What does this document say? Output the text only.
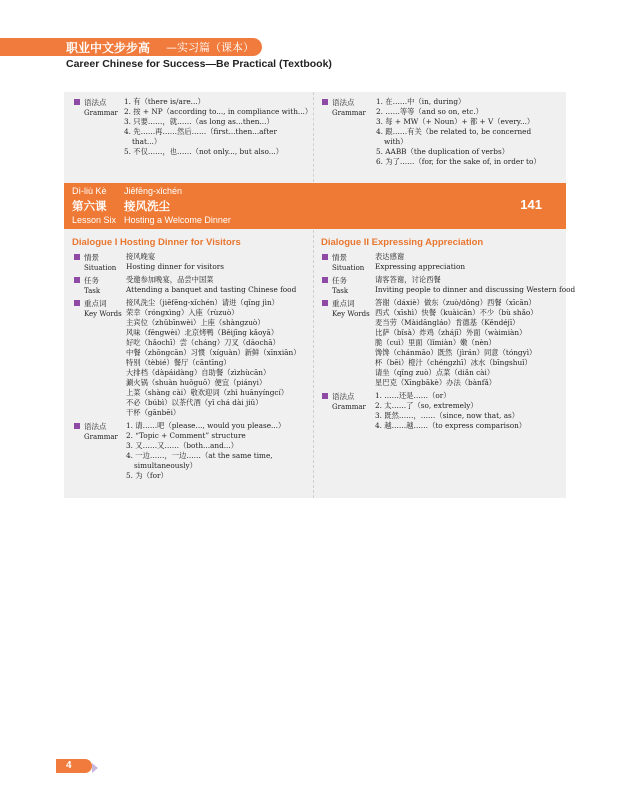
职业中文步步高 —实习篇（课本）
Career Chinese for Success—Be Practical (Textbook)
语法点
Grammar
1. 有（there is/are...）
2. 按 + NP（according to..., in compliance with...）
3. 只要……，就……（as long as...then...）
4. 先……再……然后……（first...then...after
that...）
5. 不仅……，也……（not only..., but also...）
语法点
Grammar
1. 在……中（in, during）
2. ……等等（and so on, etc.）
3. 每 + MW（+ Noun）+ 都 + V（every...）
4. 跟……有关（be related to, be concerned
with）
5. AABB（the duplication of verbs）
6. 为了……（for, for the sake of, in order to）
Dì-liù Kè Jiēfēng-xǐchén
第六课 接风洗尘
Lesson Six Hosting a Welcome Dinner
141
Dialogue I Hosting Dinner for Visitors	Dialogue II Expressing Appreciation
情景
Situation
接风晚宴
Hosting dinner for visitors
任务
Task
受邀参加晚宴，品尝中国菜
Attending a banquet and tasting Chinese food
重点词
Key Words
接风洗尘（jiēfēng-xǐchén）请进（qǐng jìn）
荣幸（róngxìng）入座（rùzuò）
主宾位（zhǔbīnwèi）上座（shàngzuò）
风味（fēngwèi）北京烤鸭（Běijīng kǎoyā）
好吃（hǎochī）尝（cháng）刀叉（dāochā）
中餐（zhōngcān）习惯（xíguàn）新鲜（xīnxiān）
特别（tèbié）餐厅（cāntīng）
大排档（dàpáidàng）自助餐（zìzhùcān）
涮火锅（shuàn huǒguō）便宜（piányi）
上菜（shàng cài）敬欢迎词（zhì huānyíngcí）
不必（búbì）以茶代酒（yǐ chá dài jiǔ）
干杯（gānbēi）
语法点
Grammar
1. 请……吧（please..., would you please...）
2. “Topic + Comment” structure
3. 又……又……（both...and...）
4. 一边……，一边……（at the same time,
simultaneously）
5. 为（for）
情景
Situation
表达感谢
Expressing appreciation
任务
Task
请客答谢，讨论西餐
Inviting people to dinner and discussing Western food
重点词
Key Words
答谢（dáxiè）做东（zuò/dōng）西餐（xīcān）
西式（xīshì）快餐（kuàicān）不少（bù shǎo）
麦当劳（Màidāngláo）肯德基（Kěndéjī）
比萨（bǐsà）炸鸡（zhájī）外面（wàimiàn）
脆（cuì）里面（lǐmiàn）嫩（nèn）
馋馋（chánmāo）既然（jìrán）同意（tóngyì）
杯（bēi）橙汁（chéngzhī）冰水（bīngshuǐ）
请坐（qǐng zuò）点菜（diǎn cài）
星巴克（Xīngbākè）办法（bànfǎ）
语法点
Grammar
1. ……还是……（or）
2. 太……了（so, extremely）
3. 既然……，……（since, now that, as）
4. 越……越……（to express comparison）
4
